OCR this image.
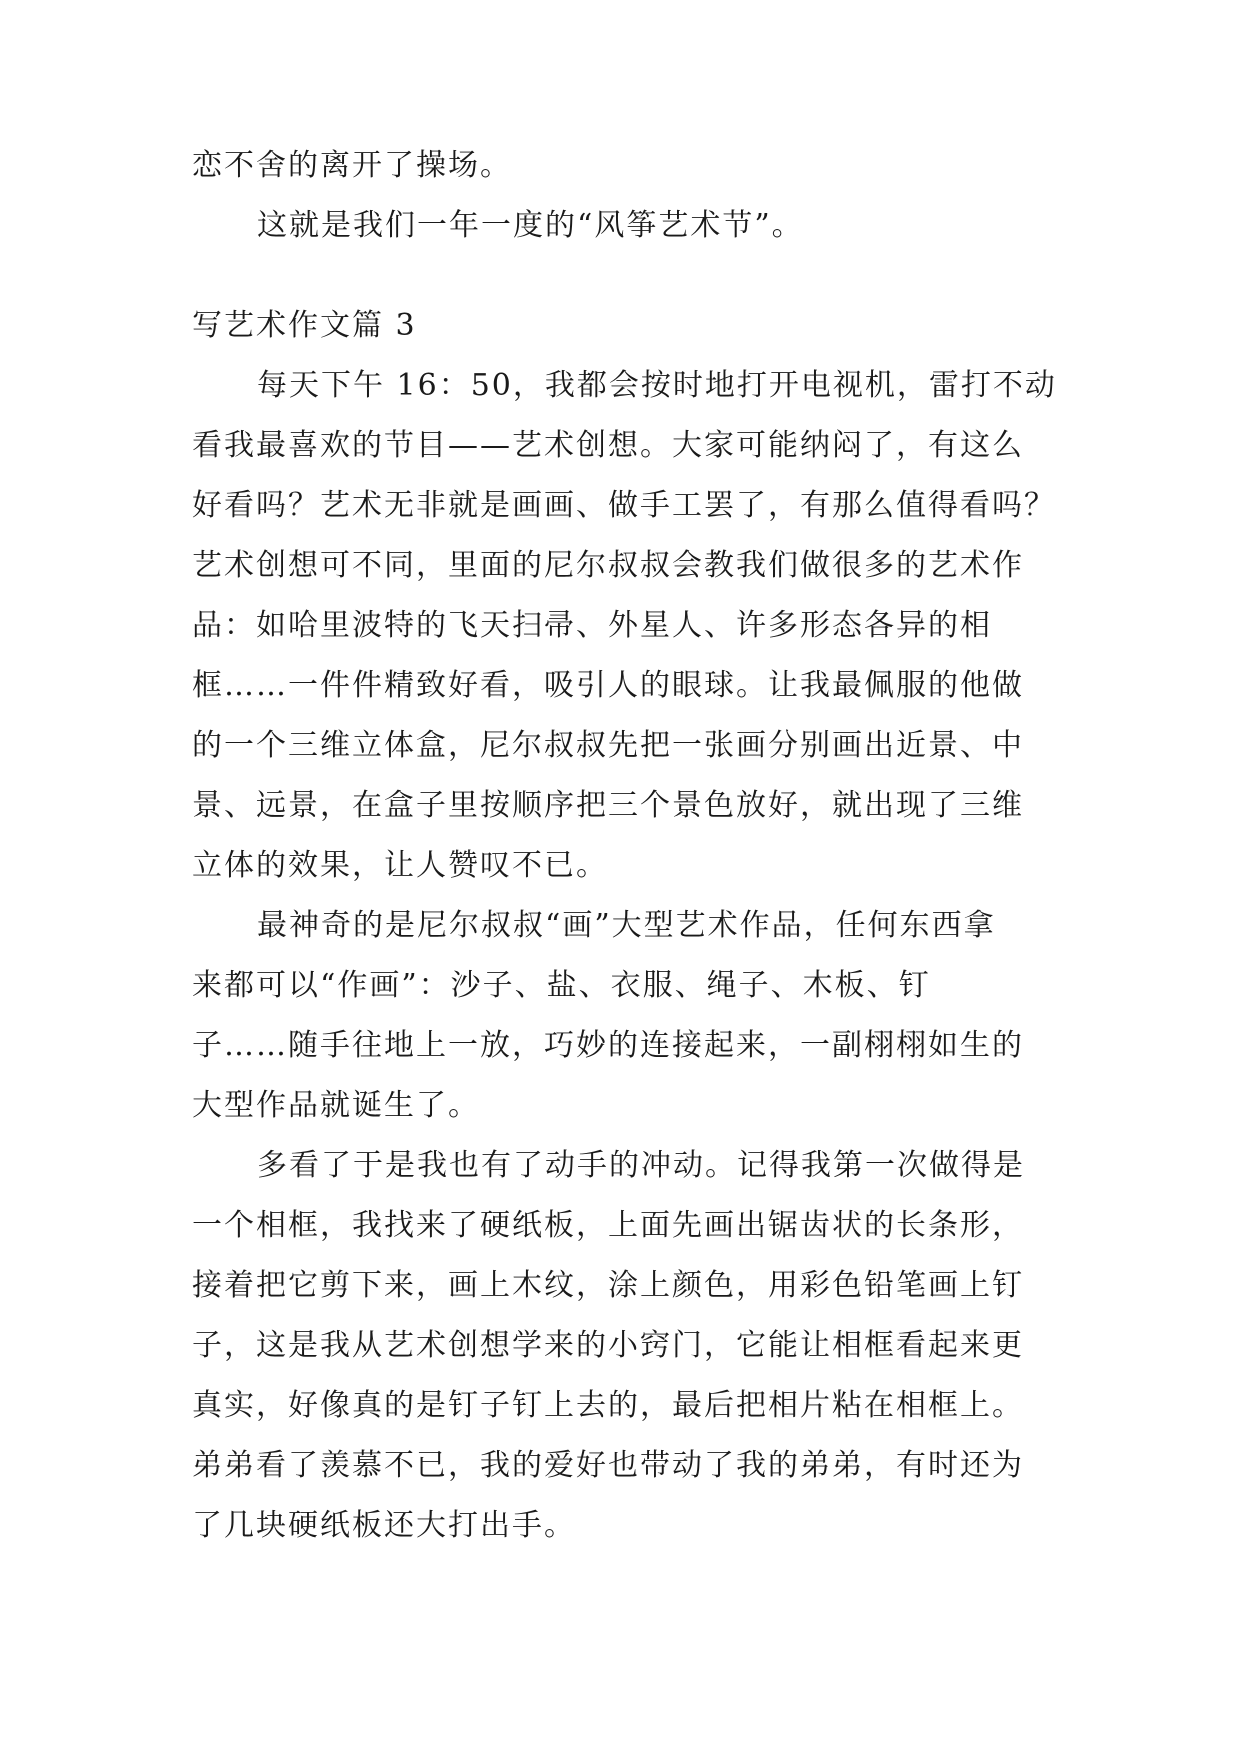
恋不舍的离开了操场。
这就是我们一年一度的“风筝艺术节”。
写艺术作文篇 3
每天下午 16：50，我都会按时地打开电视机，雷打不动
看我最喜欢的节目——艺术创想。大家可能纳闷了，有这么
好看吗？艺术无非就是画画、做手工罢了，有那么值得看吗？
艺术创想可不同，里面的尼尔叔叔会教我们做很多的艺术作
品：如哈里波特的飞天扫帚、外星人、许多形态各异的相
框……一件件精致好看，吸引人的眼球。让我最佩服的他做
的一个三维立体盒，尼尔叔叔先把一张画分别画出近景、中
景、远景，在盒子里按顺序把三个景色放好，就出现了三维
立体的效果，让人赞叹不已。
最神奇的是尼尔叔叔“画”大型艺术作品，任何东西拿
来都可以“作画”：沙子、盐、衣服、绳子、木板、钉
子……随手往地上一放，巧妙的连接起来，一副栩栩如生的
大型作品就诞生了。
多看了于是我也有了动手的冲动。记得我第一次做得是
一个相框，我找来了硬纸板，上面先画出锯齿状的长条形，
接着把它剪下来，画上木纹，涂上颜色，用彩色铅笔画上钉
子，这是我从艺术创想学来的小窍门，它能让相框看起来更
真实，好像真的是钉子钉上去的，最后把相片粘在相框上。
弟弟看了羡慕不已，我的爱好也带动了我的弟弟，有时还为
了几块硬纸板还大打出手。
